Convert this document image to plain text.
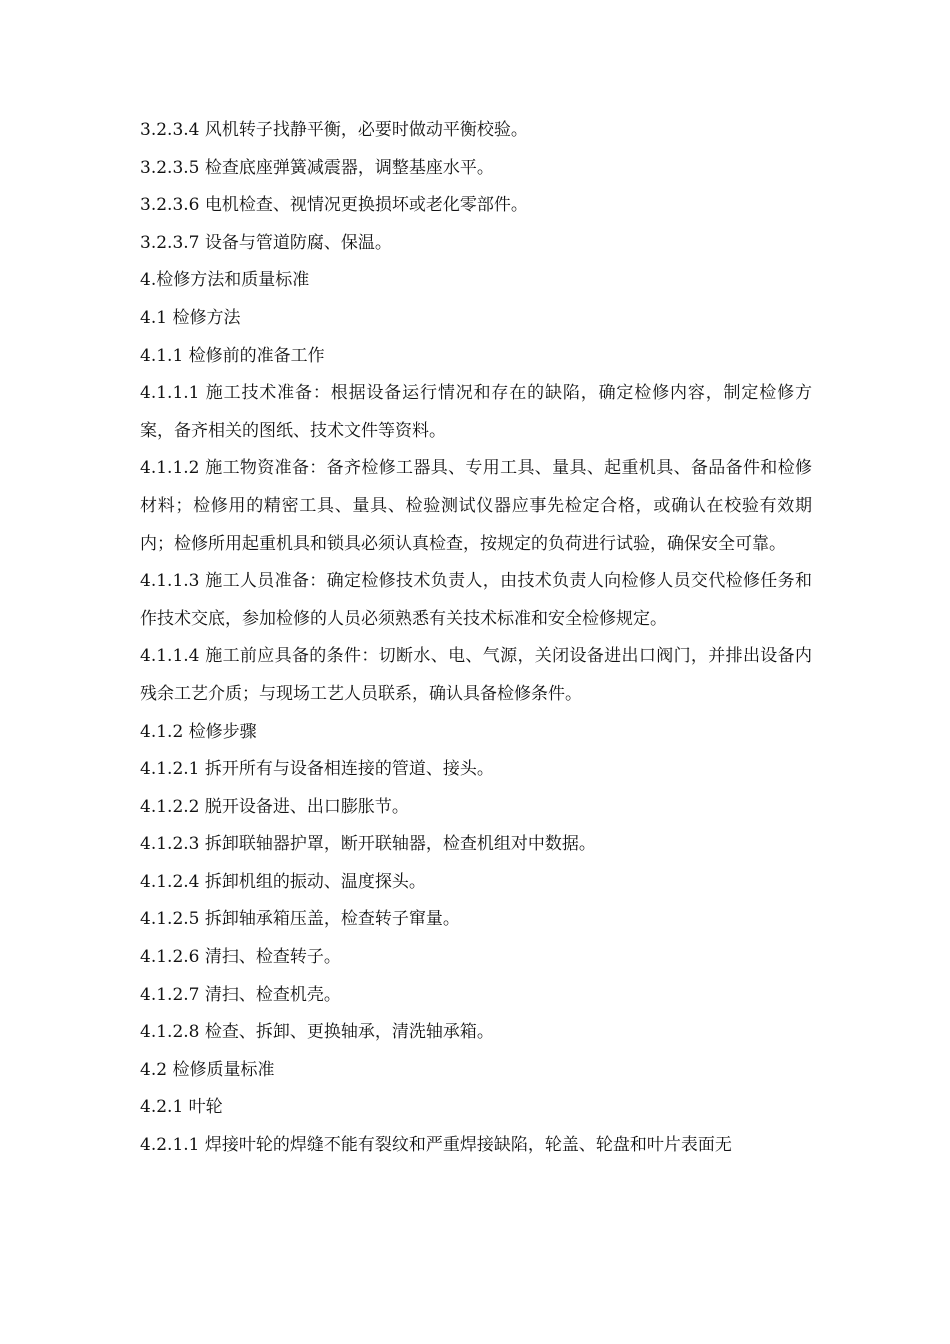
3.2.3.4 风机转子找静平衡，必要时做动平衡校验。

3.2.3.5 检查底座弹簧减震器，调整基座水平。

3.2.3.6 电机检查、视情况更换损坏或老化零部件。

3.2.3.7 设备与管道防腐、保温。

4.检修方法和质量标准

4.1 检修方法

4.1.1 检修前的准备工作

4.1.1.1 施工技术准备：根据设备运行情况和存在的缺陷，确定检修内容，制定检修方案，备齐相关的图纸、技术文件等资料。

4.1.1.2 施工物资准备：备齐检修工器具、专用工具、量具、起重机具、备品备件和检修材料；检修用的精密工具、量具、检验测试仪器应事先检定合格，或确认在校验有效期内；检修所用起重机具和锁具必须认真检查，按规定的负荷进行试验，确保安全可靠。

4.1.1.3 施工人员准备：确定检修技术负责人，由技术负责人向检修人员交代检修任务和作技术交底，参加检修的人员必须熟悉有关技术标准和安全检修规定。

4.1.1.4 施工前应具备的条件：切断水、电、气源，关闭设备进出口阀门，并排出设备内残余工艺介质；与现场工艺人员联系，确认具备检修条件。

4.1.2 检修步骤

4.1.2.1 拆开所有与设备相连接的管道、接头。

4.1.2.2 脱开设备进、出口膨胀节。

4.1.2.3 拆卸联轴器护罩，断开联轴器，检查机组对中数据。

4.1.2.4 拆卸机组的振动、温度探头。

4.1.2.5 拆卸轴承箱压盖，检查转子窜量。

4.1.2.6 清扫、检查转子。

4.1.2.7 清扫、检查机壳。

4.1.2.8 检查、拆卸、更换轴承，清洗轴承箱。

4.2 检修质量标准

4.2.1 叶轮

4.2.1.1 焊接叶轮的焊缝不能有裂纹和严重焊接缺陷，轮盖、轮盘和叶片表面无
